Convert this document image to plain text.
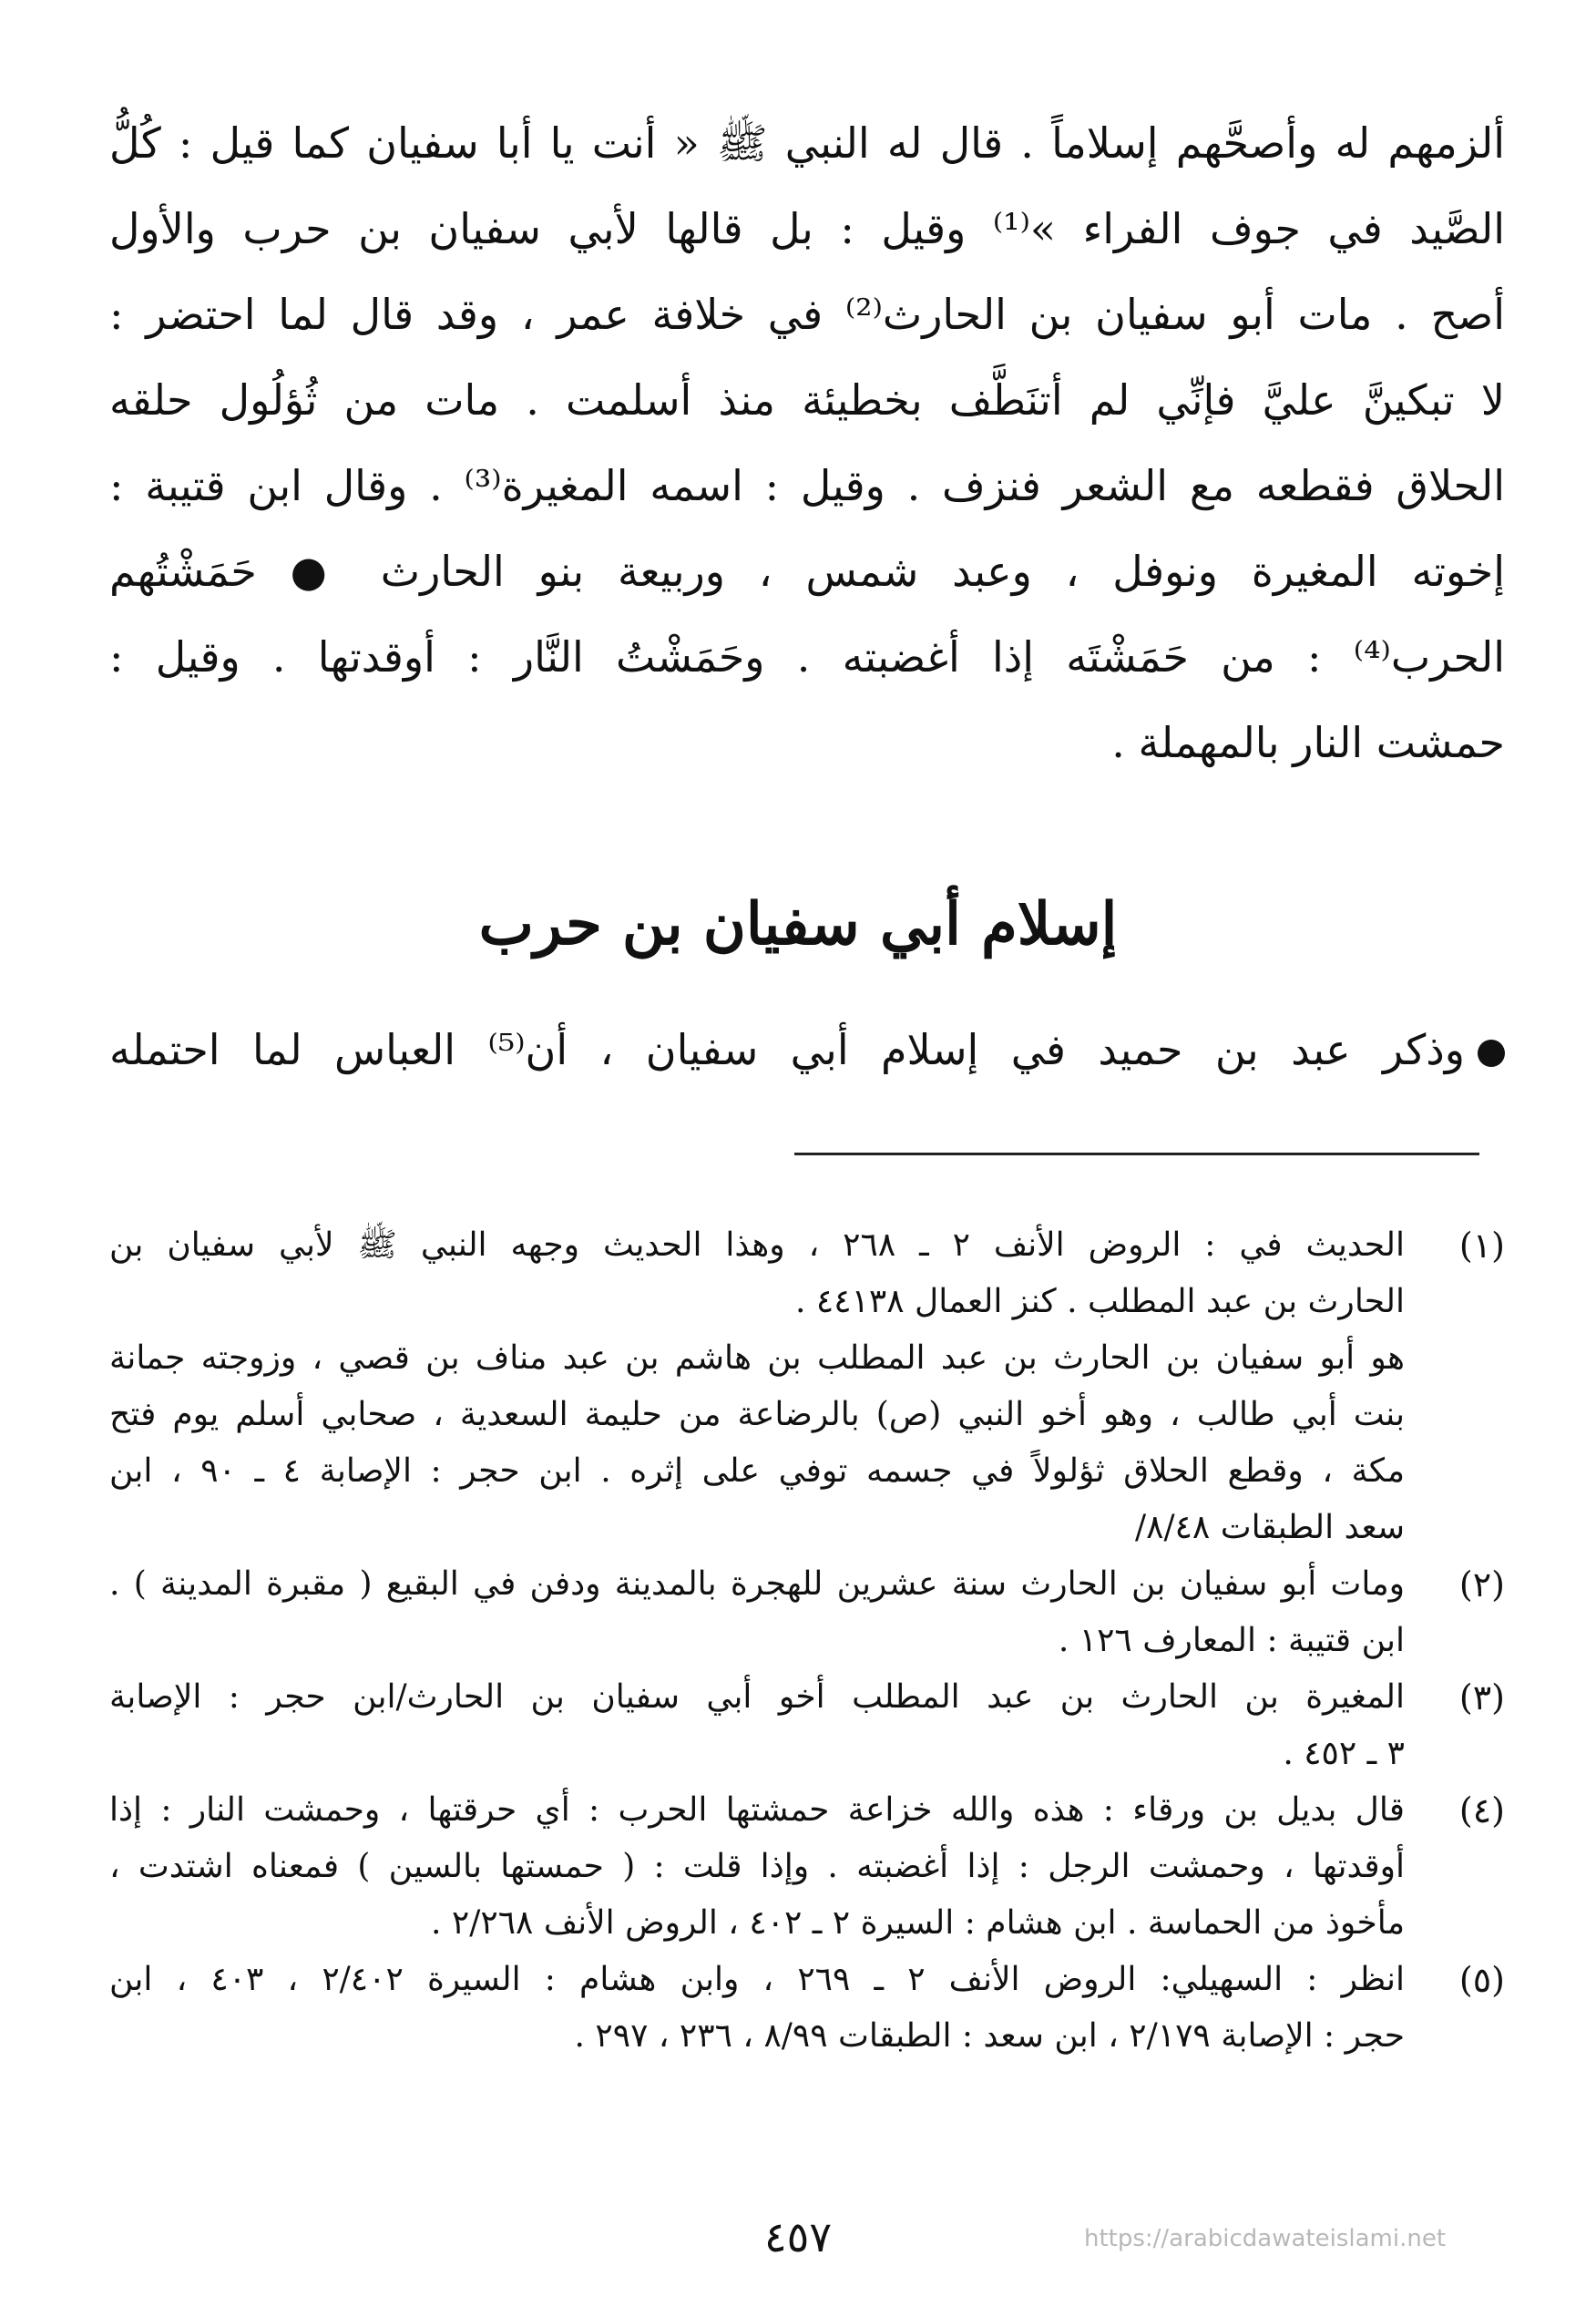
ألزمهم له وأصحَّهم إسلاماً . قال له النبي ﷺ « أنت يا أبا سفيان كما قيل : كُلُّ
الصَّيد في جوف الفراء »⁽¹⁾ وقيل : بل قالها لأبي سفيان بن حرب والأول
أصح . مات أبو سفيان بن الحارث⁽²⁾ في خلافة عمر ، وقد قال لما احتضر :
لا تبكينَّ عليَّ فإنِّي لم أتنَطَّف بخطيئة منذ أسلمت . مات من ثُؤلُول حلقه
الحلاق فقطعه مع الشعر فنزف . وقيل : اسمه المغيرة⁽³⁾ . وقال ابن قتيبة :
إخوته المغيرة ونوفل ، وعبد شمس ، وربيعة بنو الحارث ● حَمَشْتُهم
الحرب⁽⁴⁾ : من حَمَشْتَه إذا أغضبته . وحَمَشْتُ النَّار : أوقدتها . وقيل :
حمشت النار بالمهملة .
إسلام أبي سفيان بن حرب
وذكر عبد بن حميد في إسلام أبي سفيان ، أن⁽⁵⁾ العباس لما احتمله
(١)
الحديث في : الروض الأنف ٢ ـ ٢٦٨ ، وهذا الحديث وجهه النبي ﷺ لأبي سفيان بن
الحارث بن عبد المطلب . كنز العمال ٤٤١٣٨ .
هو أبو سفيان بن الحارث بن عبد المطلب بن هاشم بن عبد مناف بن قصي ، وزوجته جمانة
بنت أبي طالب ، وهو أخو النبي (ص) بالرضاعة من حليمة السعدية ، صحابي أسلم يوم فتح
مكة ، وقطع الحلاق ثؤلولاً في جسمه توفي على إثره . ابن حجر : الإصابة ٤ ـ ٩٠ ، ابن
سعد الطبقات ٨/٤٨/
(٢)
ومات أبو سفيان بن الحارث سنة عشرين للهجرة بالمدينة ودفن في البقيع ( مقبرة المدينة ) .
ابن قتيبة : المعارف ١٢٦ .
(٣)
المغيرة بن الحارث بن عبد المطلب أخو أبي سفيان بن الحارث/ابن حجر : الإصابة
٣ ـ ٤٥٢ .
(٤)
قال بديل بن ورقاء : هذه والله خزاعة حمشتها الحرب : أي حرقتها ، وحمشت النار : إذا
أوقدتها ، وحمشت الرجل : إذا أغضبته . وإذا قلت : ( حمستها بالسين ) فمعناه اشتدت ،
مأخوذ من الحماسة . ابن هشام : السيرة ٢ ـ ٤٠٢ ، الروض الأنف ٢/٢٦٨ .
(٥)
انظر : السهيلي: الروض الأنف ٢ ـ ٢٦٩ ، وابن هشام : السيرة ٢/٤٠٢ ، ٤٠٣ ، ابن
حجر : الإصابة ٢/١٧٩ ، ابن سعد : الطبقات ٨/٩٩ ، ٢٣٦ ، ٢٩٧ .
٤٥٧	https://arabicdawateislami.net
